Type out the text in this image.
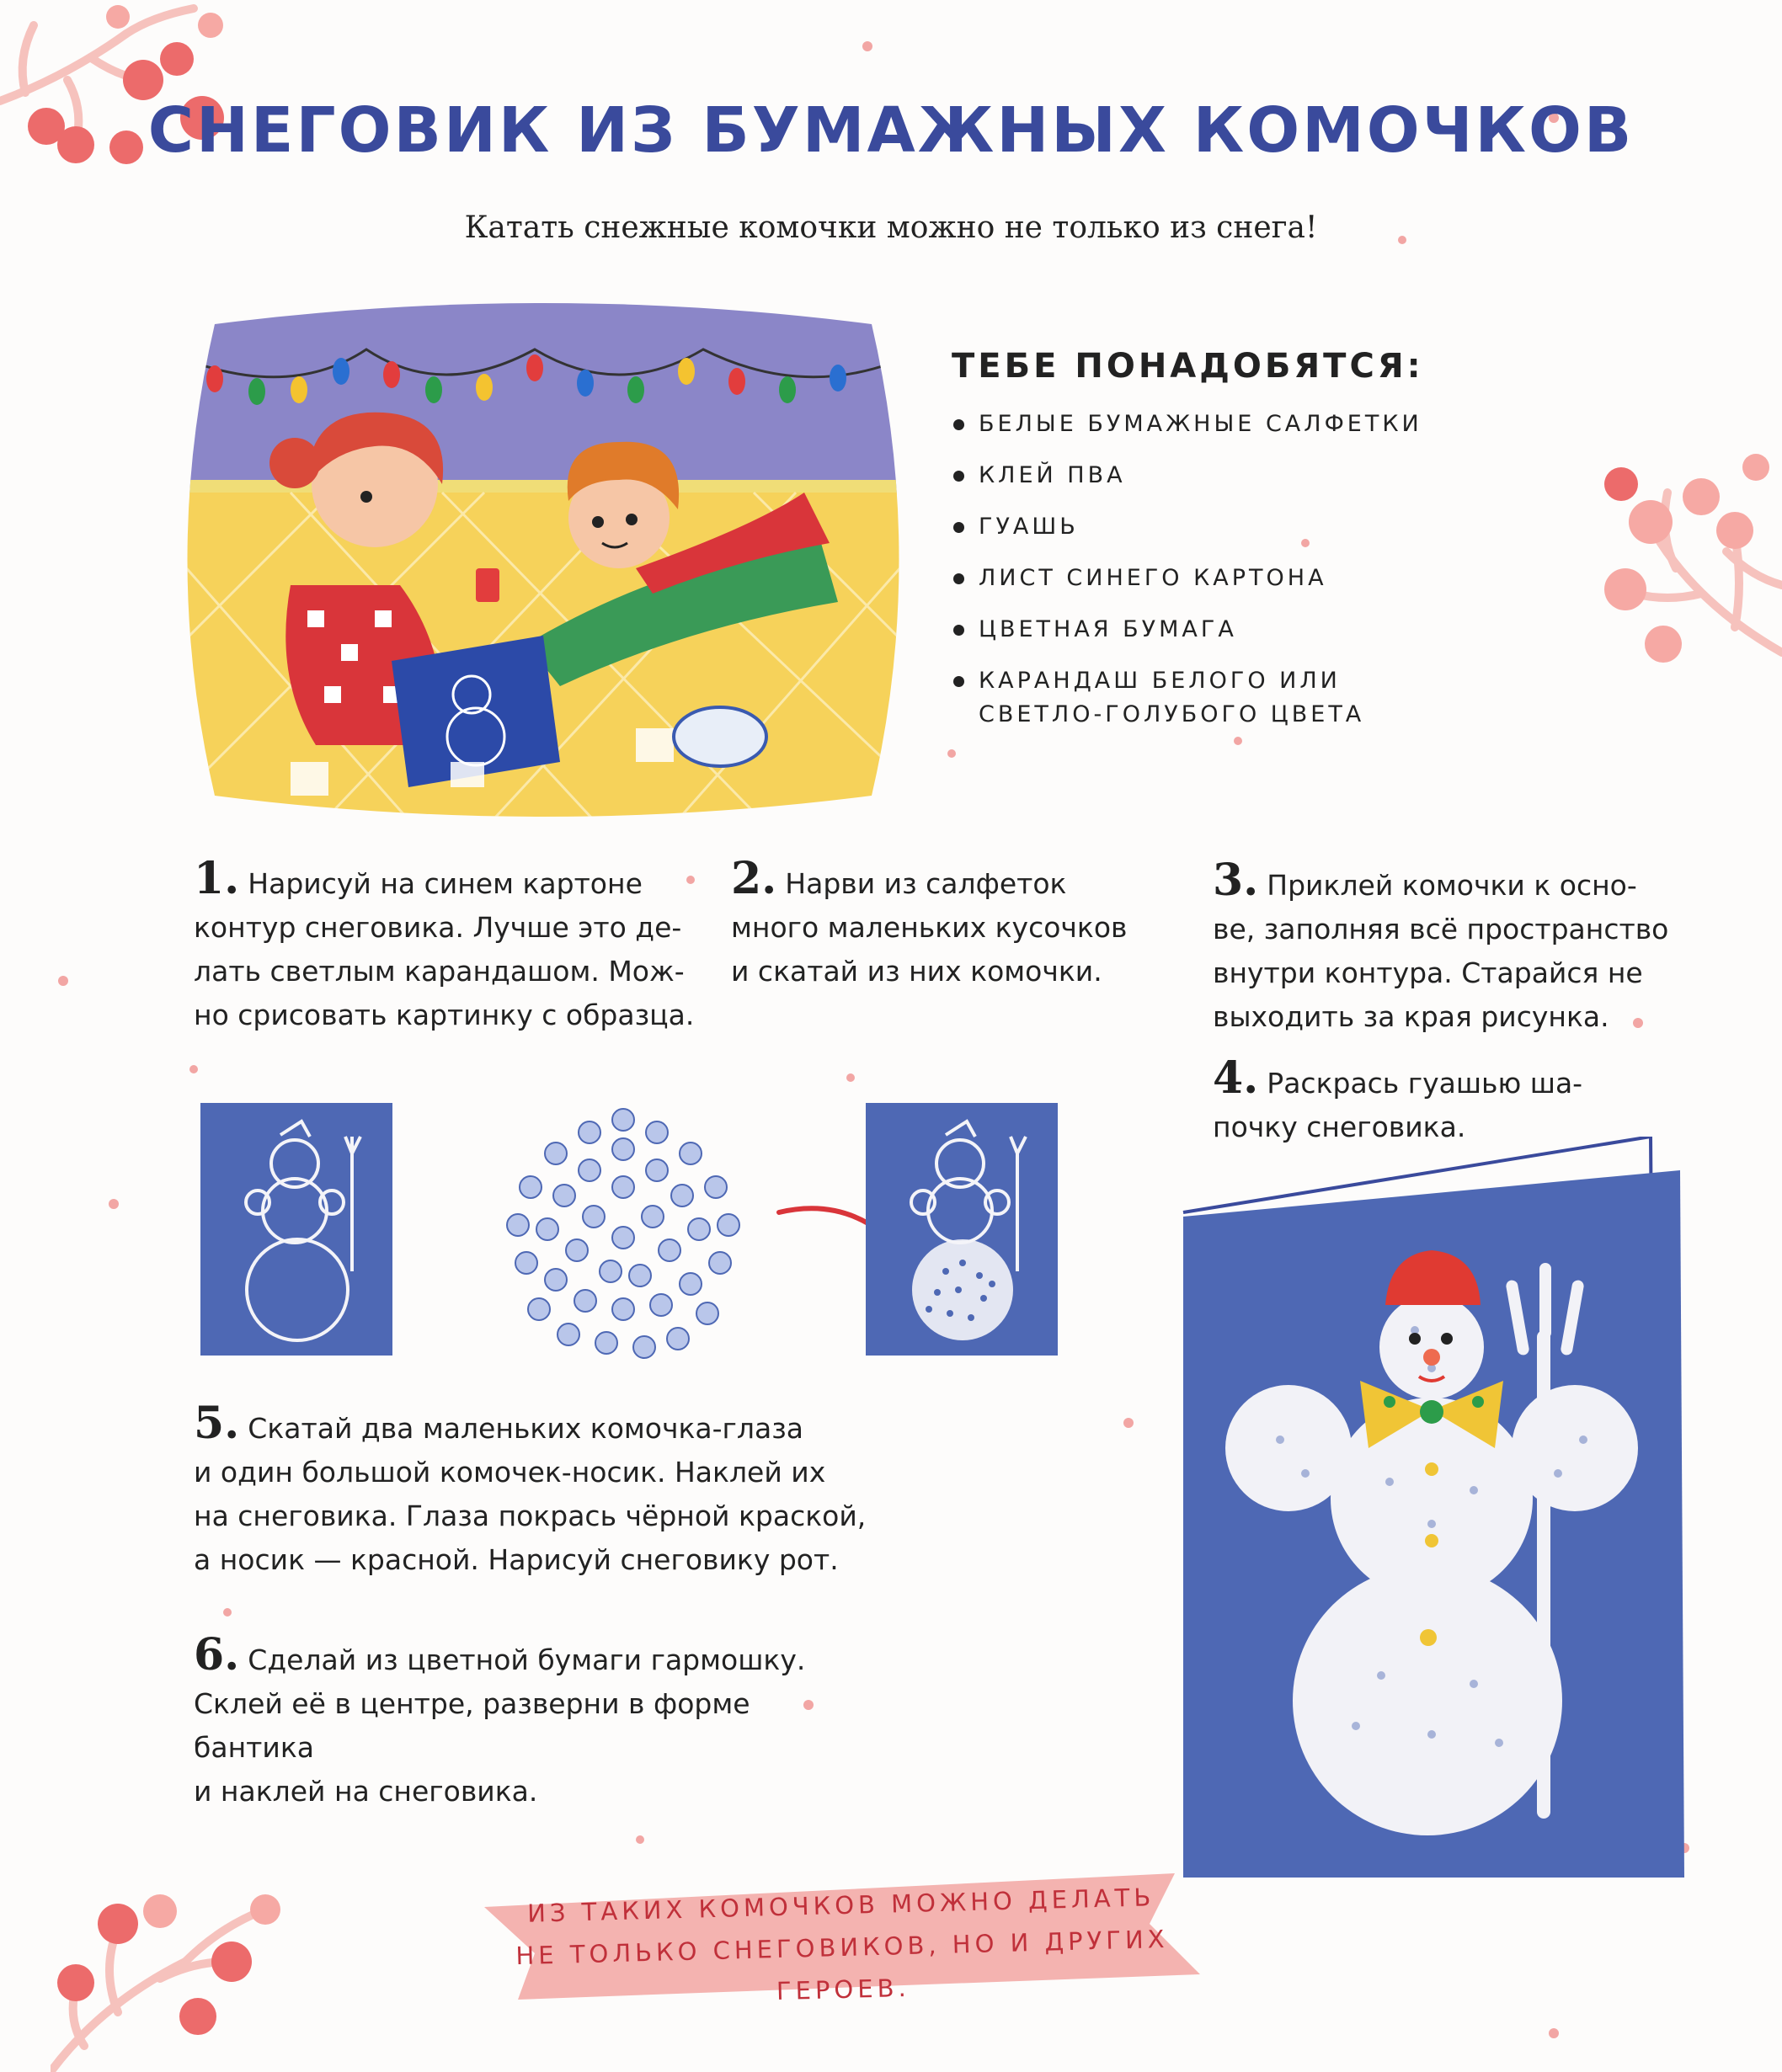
СНЕГОВИК ИЗ БУМАЖНЫХ КОМОЧКОВ
Катать снежные комочки можно не только из снега!
ТЕБЕ ПОНАДОБЯТСЯ:
БЕЛЫЕ БУМАЖНЫЕ САЛФЕТКИ
КЛЕЙ ПВА
ГУАШЬ
ЛИСТ СИНЕГО КАРТОНА
ЦВЕТНАЯ БУМАГА
КАРАНДАШ БЕЛОГО ИЛИ СВЕТЛО-ГОЛУБОГО ЦВЕТА
1. Нарисуй на синем картоне
контур снеговика. Лучше это де-
лать светлым карандашом. Мож-
но срисовать картинку с образца.
2. Нарви из салфеток
много маленьких кусочков
и скатай из них комочки.
3. Приклей комочки к осно-
ве, заполняя всё пространство
внутри контура. Старайся не
выходить за края рисунка.
4. Раскрась гуашью ша-
почку снеговика.
5. Скатай два маленьких комочка-глаза
и один большой комочек-носик. Наклей их
на снеговика. Глаза покрась чёрной краской,
а носик — красной. Нарисуй снеговику рот.
6. Сделай из цветной бумаги гармошку.
Склей её в центре, разверни в форме бантика
и наклей на снеговика.
ИЗ ТАКИХ КОМОЧКОВ МОЖНО ДЕЛАТЬ НЕ ТОЛЬКО СНЕГОВИКОВ, НО И ДРУГИХ ГЕРОЕВ.
